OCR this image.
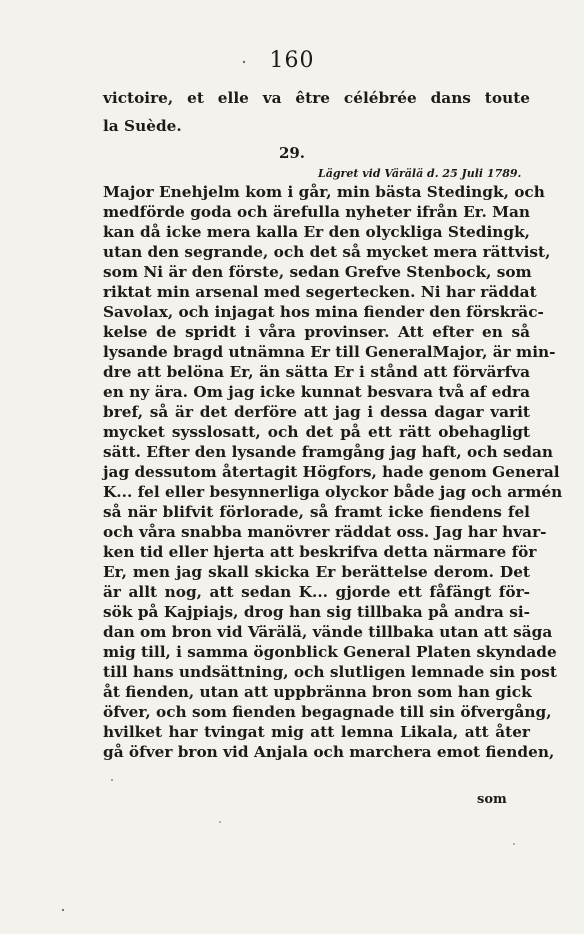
160
victoire, et elle va être célébrée dans toute
la Suède.
29.
Lägret vid Värälä d. 25 Juli 1789.
Major Enehjelm kom i går, min bästa Stedingk, och
medförde goda och ärefulla nyheter ifrån Er. Man
kan då icke mera kalla Er den olyckliga Stedingk,
utan den segrande, och det så mycket mera rättvist,
som Ni är den förste, sedan Grefve Stenbock, som
riktat min arsenal med segertecken. Ni har räddat
Savolax, och injagat hos mina fiender den förskräc-
kelse de spridt i våra provinser. Att efter en så
lysande bragd utnämna Er till GeneralMajor, är min-
dre att belöna Er, än sätta Er i stånd att förvärfva
en ny ära. Om jag icke kunnat besvara två af edra
bref, så är det derföre att jag i dessa dagar varit
mycket sysslosatt, och det på ett rätt obehagligt
sätt. Efter den lysande framgång jag haft, och sedan
jag dessutom återtagit Högfors, hade genom General
K... fel eller besynnerliga olyckor både jag och armén
så när blifvit förlorade, så framt icke fiendens fel
och våra snabba manövrer räddat oss. Jag har hvar-
ken tid eller hjerta att beskrifva detta närmare för
Er, men jag skall skicka Er berättelse derom. Det
är allt nog, att sedan K... gjorde ett fåfängt för-
sök på Kajpiajs, drog han sig tillbaka på andra si-
dan om bron vid Värälä, vände tillbaka utan att säga
mig till, i samma ögonblick General Platen skyndade
till hans undsättning, och slutligen lemnade sin post
åt fienden, utan att uppbränna bron som han gick
öfver, och som fienden begagnade till sin öfvergång,
hvilket har tvingat mig att lemna Likala, att åter
gå öfver bron vid Anjala och marchera emot fienden,
som
